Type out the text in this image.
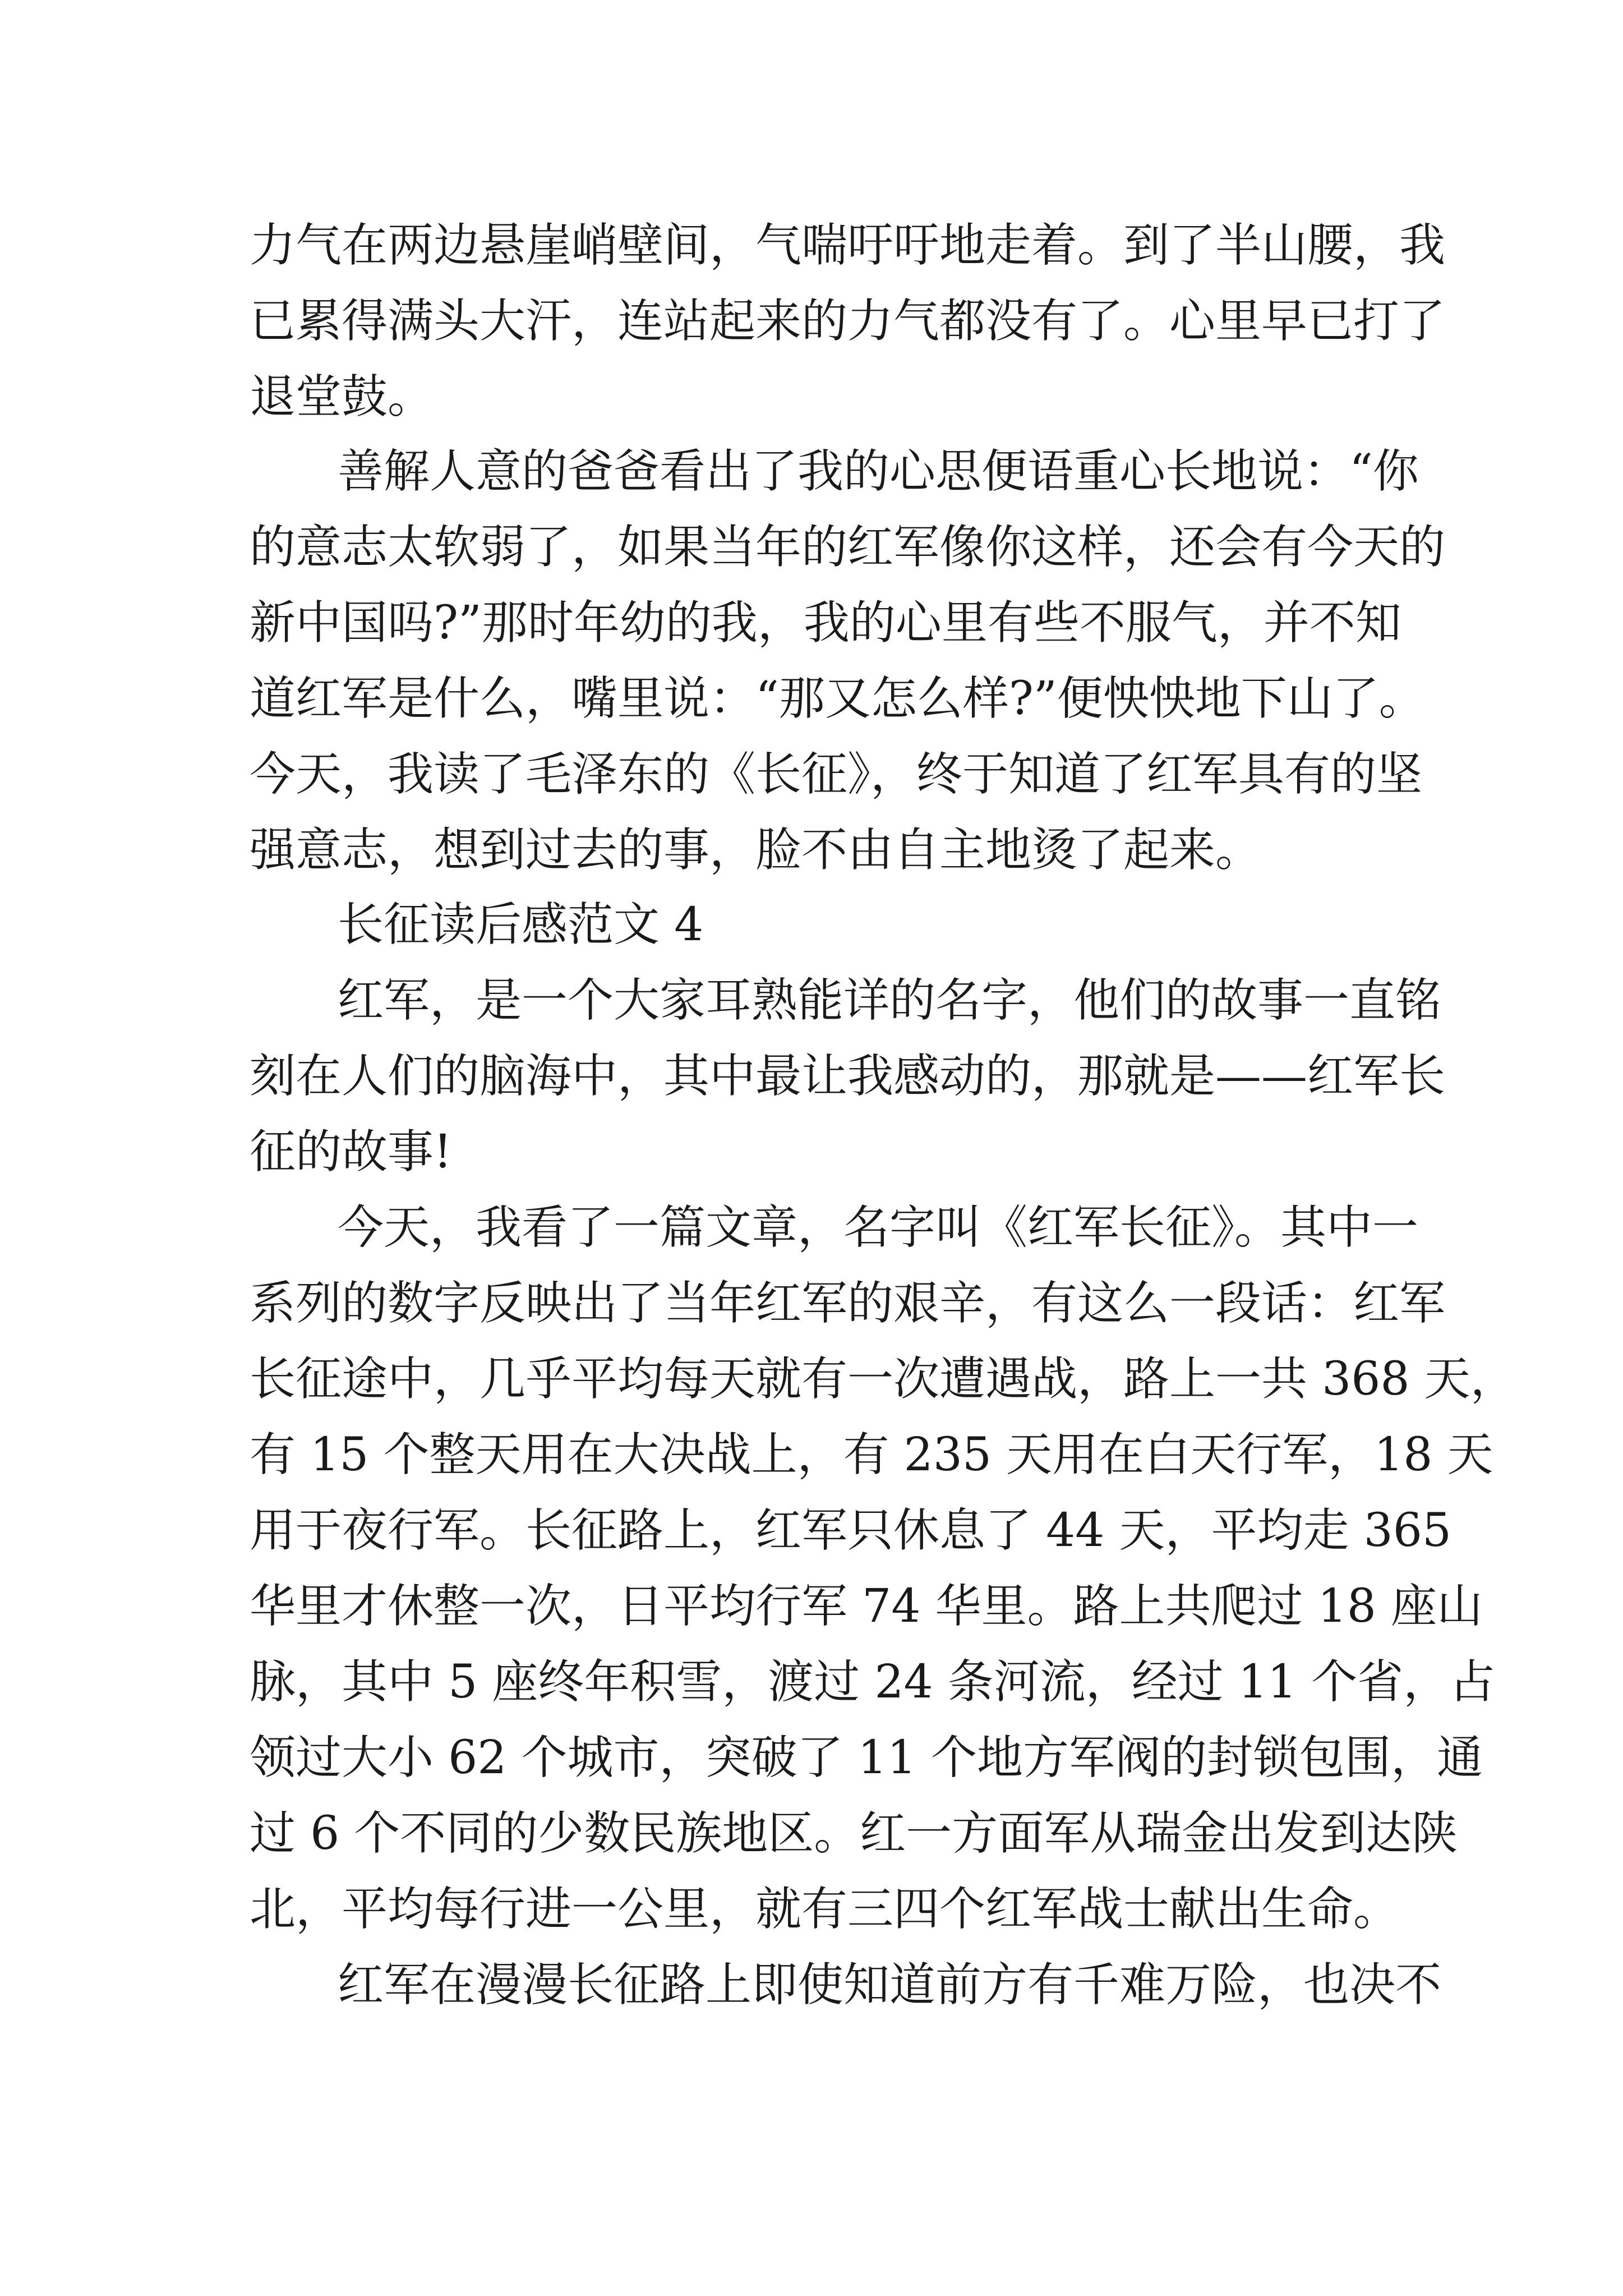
力气在两边悬崖峭壁间，气喘吁吁地走着。到了半山腰，我
已累得满头大汗，连站起来的力气都没有了。心里早已打了
退堂鼓。
善解人意的爸爸看出了我的心思便语重心长地说：“你
的意志太软弱了，如果当年的红军像你这样，还会有今天的
新中国吗?”那时年幼的我，我的心里有些不服气，并不知
道红军是什么，嘴里说：“那又怎么样?”便怏怏地下山了。
今天，我读了毛泽东的《长征》，终于知道了红军具有的坚
强意志，想到过去的事，脸不由自主地烫了起来。
长征读后感范文 4
红军，是一个大家耳熟能详的名字，他们的故事一直铭
刻在人们的脑海中，其中最让我感动的，那就是——红军长
征的故事!
今天，我看了一篇文章，名字叫《红军长征》。其中一
系列的数字反映出了当年红军的艰辛，有这么一段话：红军
长征途中，几乎平均每天就有一次遭遇战，路上一共 368 天，
有 15 个整天用在大决战上，有 235 天用在白天行军，18 天
用于夜行军。长征路上，红军只休息了 44 天，平均走 365
华里才休整一次，日平均行军 74 华里。路上共爬过 18 座山
脉，其中 5 座终年积雪，渡过 24 条河流，经过 11 个省，占
领过大小 62 个城市，突破了 11 个地方军阀的封锁包围，通
过 6 个不同的少数民族地区。红一方面军从瑞金出发到达陕
北，平均每行进一公里，就有三四个红军战士献出生命。
红军在漫漫长征路上即使知道前方有千难万险，也决不
